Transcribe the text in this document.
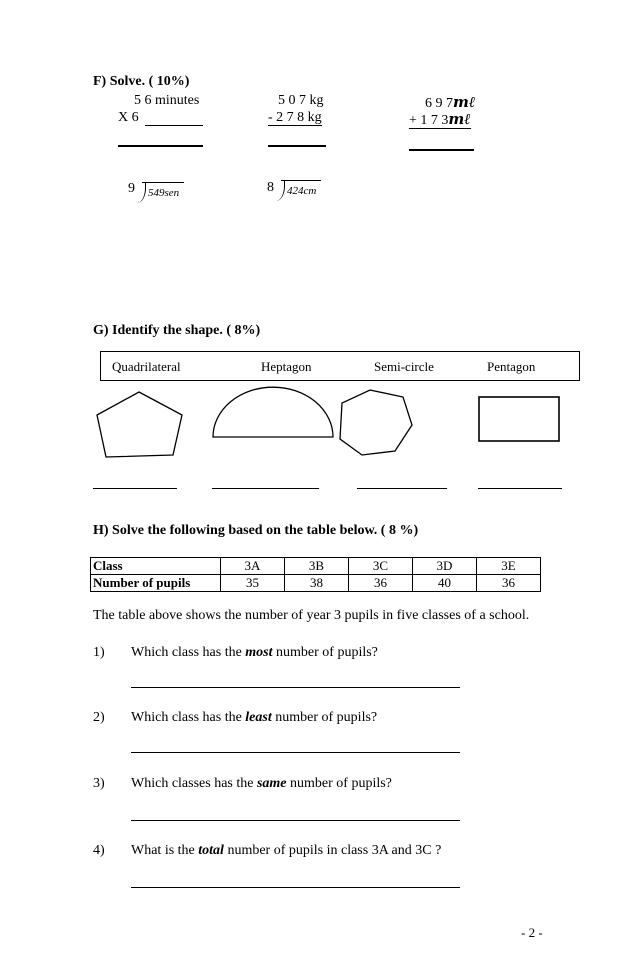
F) Solve. ( 10%)
5 6 minutes
X 6
5 0 7 kg
- 2 7 8 kg
6 9 7mℓ
+ 1 7 3mℓ
9 549sen	8 424cm
G) Identify the shape. ( 8%)
Quadrilateral	Heptagon	Semi-circle	Pentagon
H) Solve the following based on the table below. ( 8 %)
Class	3A	3B	3C	3D	3E
Number of pupils	35	38	36	40	36
The table above shows the number of year 3 pupils in five classes of a school.
1) Which class has the most number of pupils?
2) Which class has the least number of pupils?
3) Which classes has the same number of pupils?
4) What is the total number of pupils in class 3A and 3C ?
- 2 -
